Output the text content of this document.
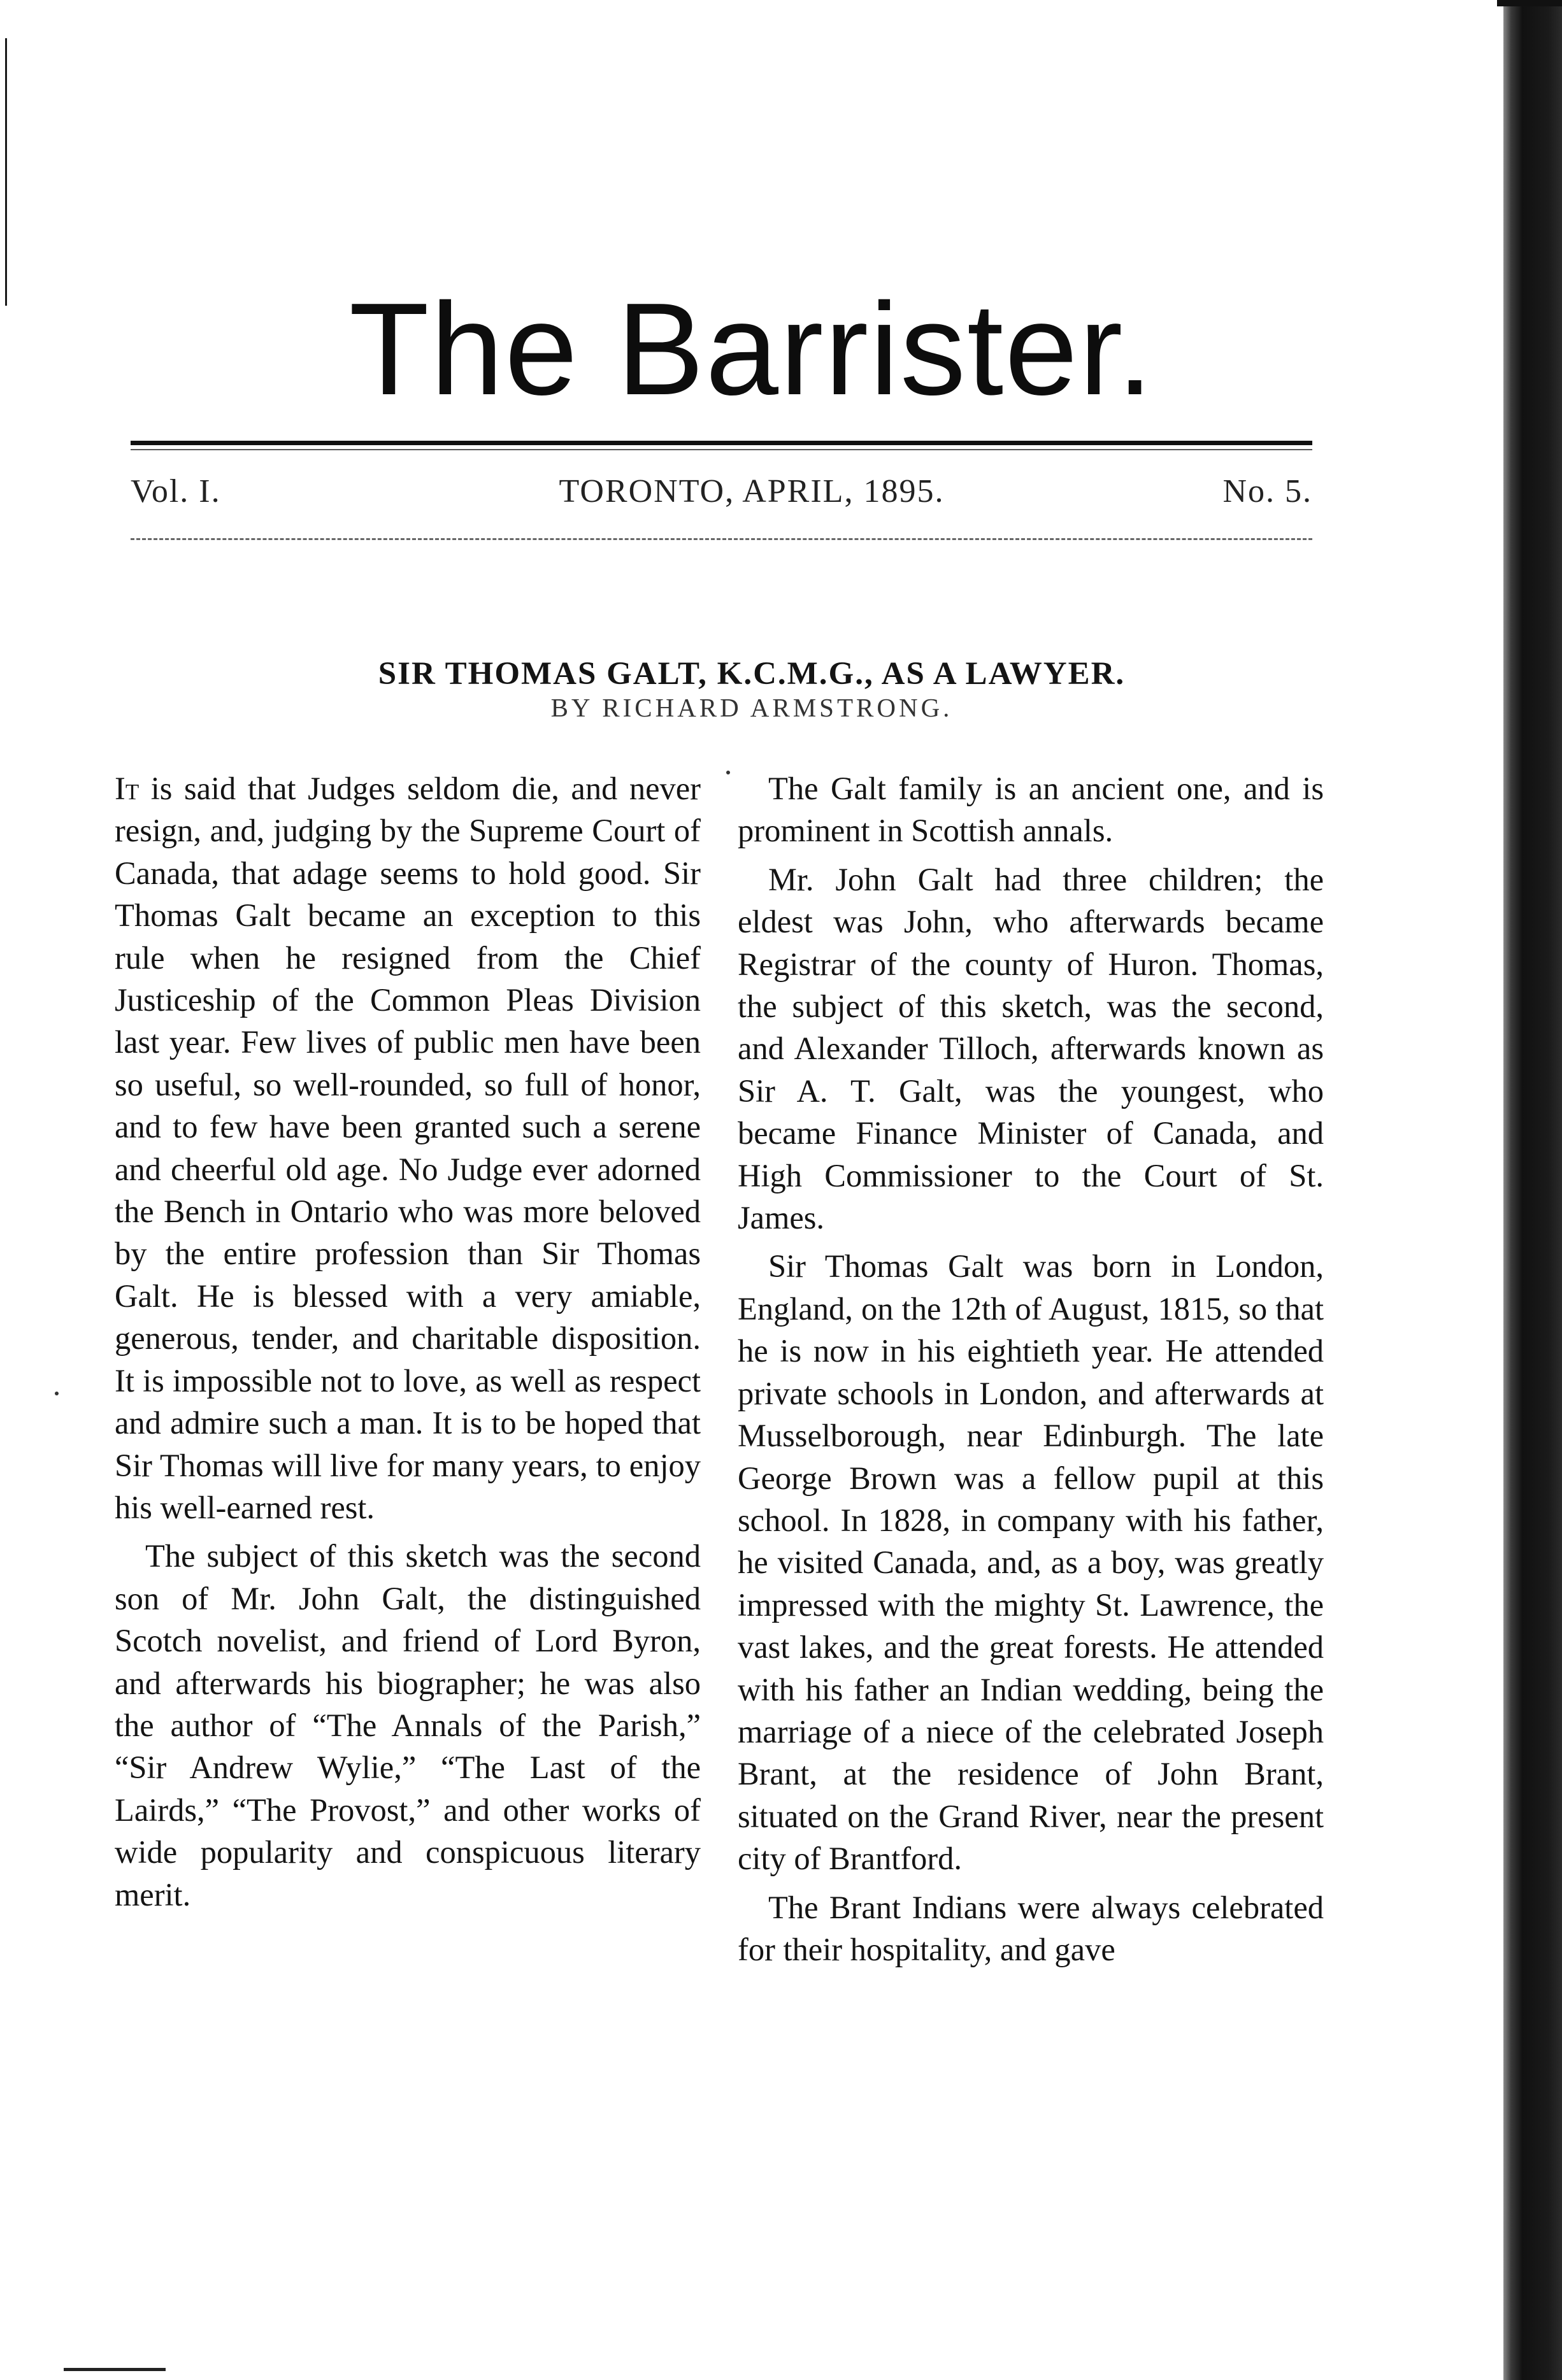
The Barrister.
Vol. I.	TORONTO, APRIL, 1895.	No. 5.
SIR THOMAS GALT, K.C.M.G., AS A LAWYER.
BY RICHARD ARMSTRONG.

It is said that Judges seldom die, and never resign, and, judging by the Supreme Court of Canada, that adage seems to hold good. Sir Thomas Galt became an exception to this rule when he resigned from the Chief Justiceship of the Common Pleas Division last year. Few lives of public men have been so useful, so well-rounded, so full of honor, and to few have been granted such a serene and cheerful old age. No Judge ever adorned the Bench in Ontario who was more beloved by the entire profession than Sir Thomas Galt. He is blessed with a very amiable, generous, tender, and charitable disposition. It is impossible not to love, as well as respect and admire such a man. It is to be hoped that Sir Thomas will live for many years, to enjoy his well-earned rest.

The subject of this sketch was the second son of Mr. John Galt, the distinguished Scotch novelist, and friend of Lord Byron, and afterwards his biographer; he was also the author of “The Annals of the Parish,” “Sir Andrew Wylie,” “The Last of the Lairds,” “The Provost,” and other works of wide popularity and conspicuous literary merit.

The Galt family is an ancient one, and is prominent in Scottish annals.

Mr. John Galt had three children; the eldest was John, who afterwards became Registrar of the county of Huron. Thomas, the subject of this sketch, was the second, and Alexander Tilloch, afterwards known as Sir A. T. Galt, was the youngest, who became Finance Minister of Canada, and High Commissioner to the Court of St. James.

Sir Thomas Galt was born in London, England, on the 12th of August, 1815, so that he is now in his eightieth year. He attended private schools in London, and afterwards at Musselborough, near Edinburgh. The late George Brown was a fellow pupil at this school. In 1828, in company with his father, he visited Canada, and, as a boy, was greatly impressed with the mighty St. Lawrence, the vast lakes, and the great forests. He attended with his father an Indian wedding, being the marriage of a niece of the celebrated Joseph Brant, at the residence of John Brant, situated on the Grand River, near the present city of Brantford.

The Brant Indians were always celebrated for their hospitality, and gave
